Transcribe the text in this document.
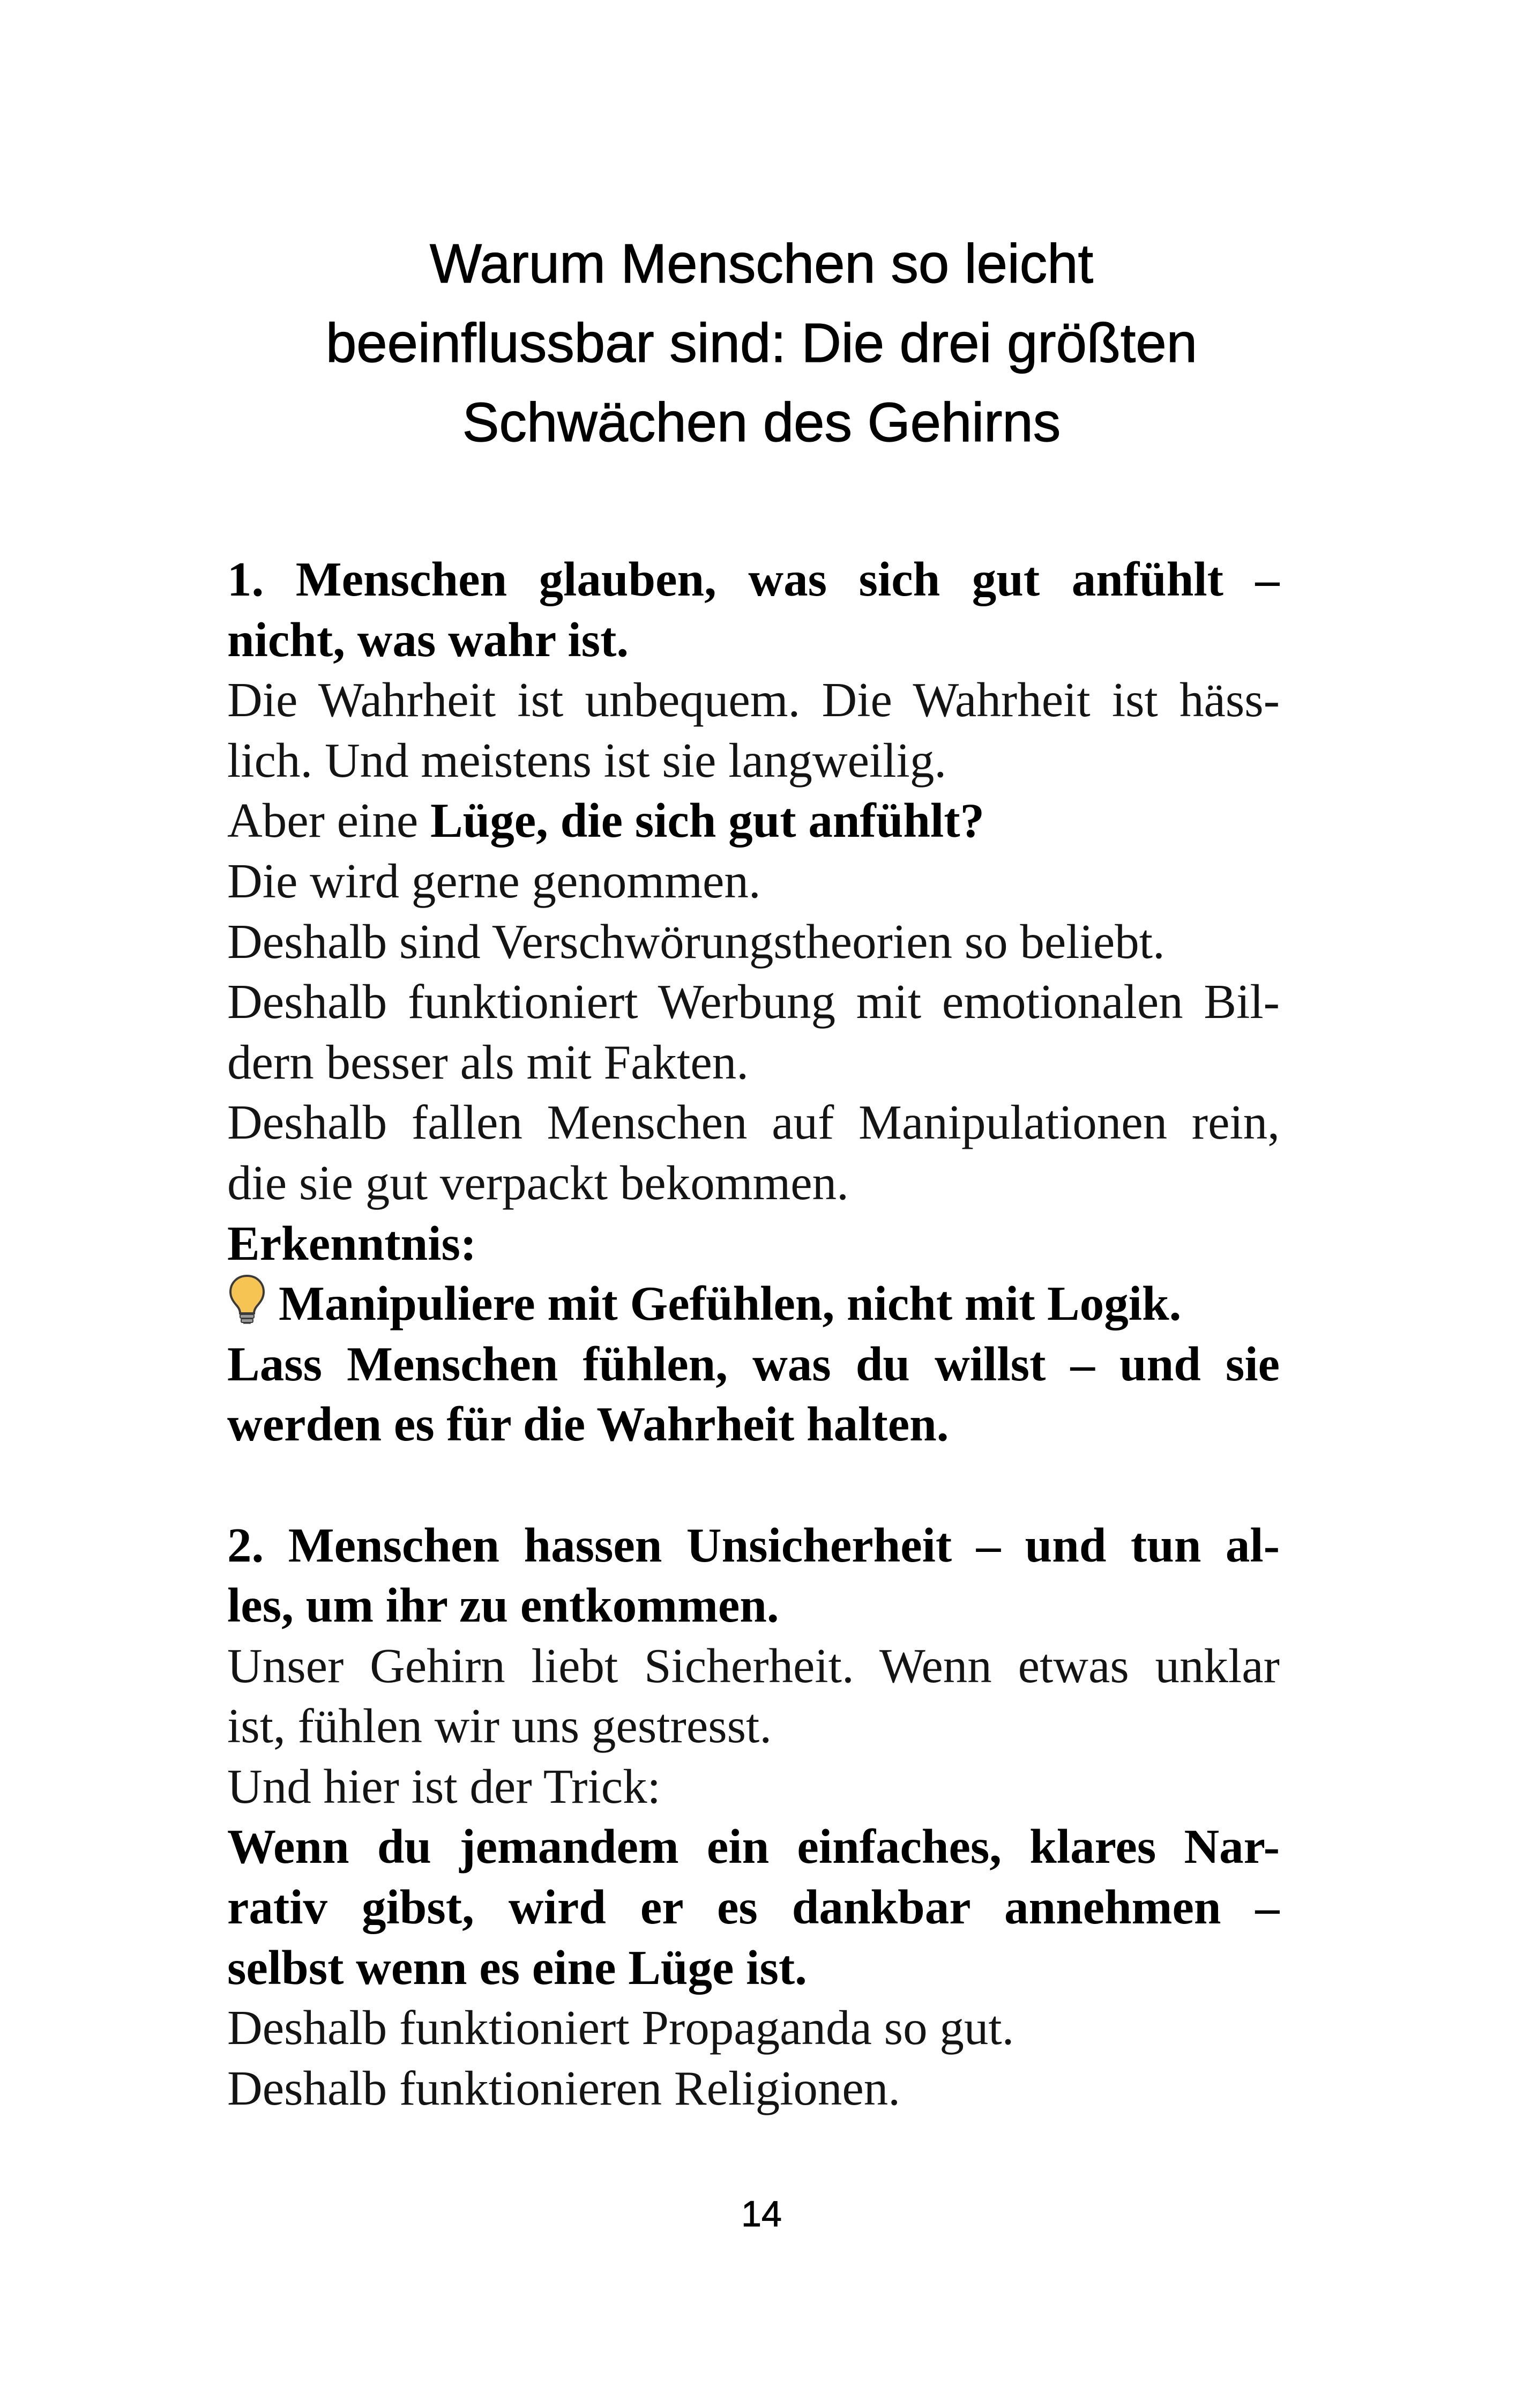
Warum Menschen so leicht
beeinflussbar sind: Die drei größten
Schwächen des Gehirns
1. Menschen glauben, was sich gut anfühlt –
nicht, was wahr ist.
Die Wahrheit ist unbequem. Die Wahrheit ist häss-
lich. Und meistens ist sie langweilig.
Aber eine Lüge, die sich gut anfühlt?
Die wird gerne genommen.
Deshalb sind Verschwörungstheorien so beliebt.
Deshalb funktioniert Werbung mit emotionalen Bil-
dern besser als mit Fakten.
Deshalb fallen Menschen auf Manipulationen rein,
die sie gut verpackt bekommen.
Erkenntnis:
Manipuliere mit Gefühlen, nicht mit Logik.
Lass Menschen fühlen, was du willst – und sie
werden es für die Wahrheit halten.
2. Menschen hassen Unsicherheit – und tun al-
les, um ihr zu entkommen.
Unser Gehirn liebt Sicherheit. Wenn etwas unklar
ist, fühlen wir uns gestresst.
Und hier ist der Trick:
Wenn du jemandem ein einfaches, klares Nar-
rativ gibst, wird er es dankbar annehmen –
selbst wenn es eine Lüge ist.
Deshalb funktioniert Propaganda so gut.
Deshalb funktionieren Religionen.
14
